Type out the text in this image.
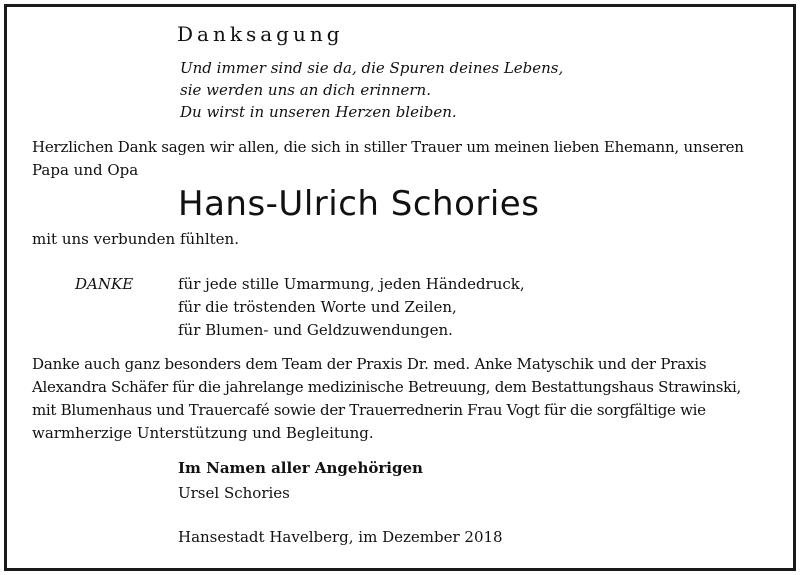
Danksagung
Und immer sind sie da, die Spuren deines Lebens,
sie werden uns an dich erinnern.
Du wirst in unseren Herzen bleiben.
Herzlichen Dank sagen wir allen, die sich in stiller Trauer um meinen lieben Ehemann, unseren
Papa und Opa
Hans-Ulrich Schories
mit uns verbunden fühlten.
DANKE	für jede stille Umarmung, jeden Händedruck,
für die tröstenden Worte und Zeilen,
für Blumen- und Geldzuwendungen.
Danke auch ganz besonders dem Team der Praxis Dr. med. Anke Matyschik und der Praxis
Alexandra Schäfer für die jahrelange medizinische Betreuung, dem Bestattungshaus Strawinski,
mit Blumenhaus und Trauercafé sowie der Trauerrednerin Frau Vogt für die sorgfältige wie
warmherzige Unterstützung und Begleitung.
Im Namen aller Angehörigen
Ursel Schories
Hansestadt Havelberg, im Dezember 2018
